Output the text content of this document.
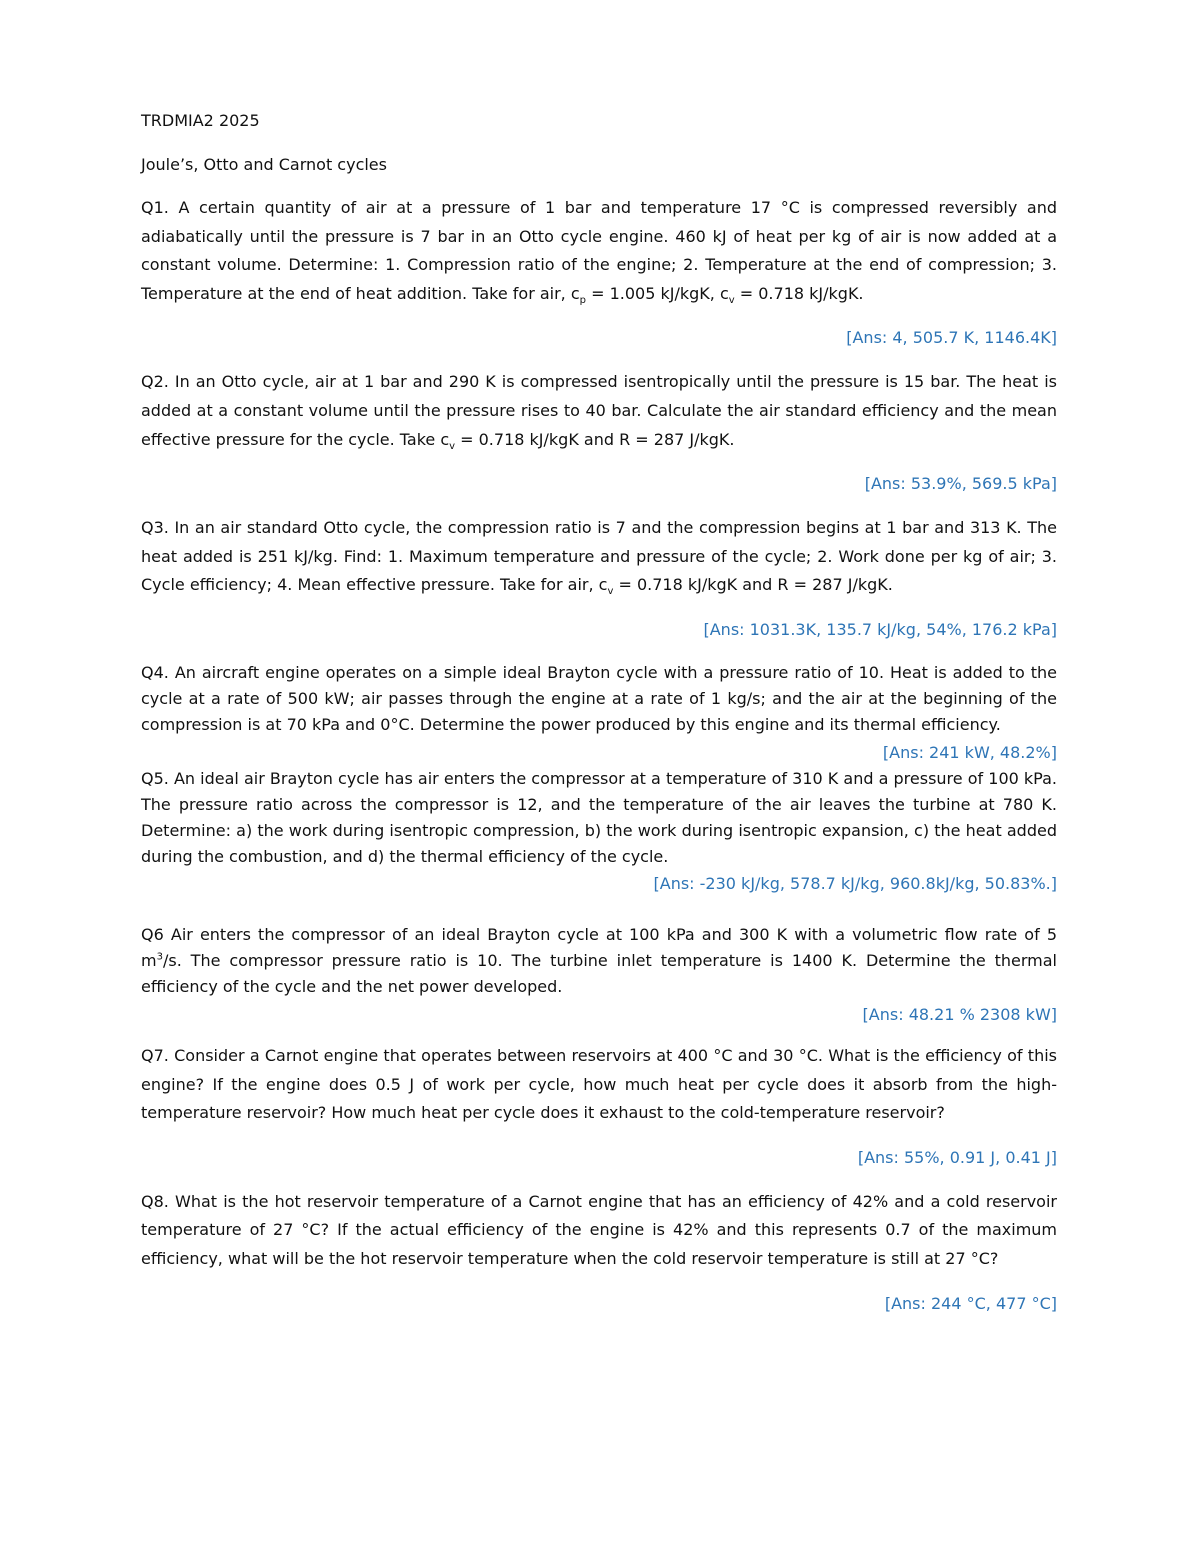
TRDMIA2 2025

Joule’s, Otto and Carnot cycles

Q1. A certain quantity of air at a pressure of 1 bar and temperature 17 °C is compressed reversibly and adiabatically until the pressure is 7 bar in an Otto cycle engine. 460 kJ of heat per kg of air is now added at a constant volume. Determine: 1. Compression ratio of the engine; 2. Temperature at the end of compression; 3. Temperature at the end of heat addition. Take for air, $c_p = 1.005$ kJ/kgK, $c_v = 0.718$ kJ/kgK.

[Ans: 4, 505.7 K, 1146.4K]

Q2. In an Otto cycle, air at 1 bar and 290 K is compressed isentropically until the pressure is 15 bar. The heat is added at a constant volume until the pressure rises to 40 bar. Calculate the air standard efficiency and the mean effective pressure for the cycle. Take $c_v = 0.718$ kJ/kgK and R = 287 J/kgK.

[Ans: 53.9%, 569.5 kPa]

Q3. In an air standard Otto cycle, the compression ratio is 7 and the compression begins at 1 bar and 313 K. The heat added is 251 kJ/kg. Find: 1. Maximum temperature and pressure of the cycle; 2. Work done per kg of air; 3. Cycle efficiency; 4. Mean effective pressure. Take for air, $c_v = 0.718$ kJ/kgK and R = 287 J/kgK.

[Ans: 1031.3K, 135.7 kJ/kg, 54%, 176.2 kPa]

Q4. An aircraft engine operates on a simple ideal Brayton cycle with a pressure ratio of 10. Heat is added to the cycle at a rate of 500 kW; air passes through the engine at a rate of 1 kg/s; and the air at the beginning of the compression is at 70 kPa and 0°C. Determine the power produced by this engine and its thermal efficiency.

[Ans: 241 kW, 48.2%]

Q5. An ideal air Brayton cycle has air enters the compressor at a temperature of 310 K and a pressure of 100 kPa. The pressure ratio across the compressor is 12, and the temperature of the air leaves the turbine at 780 K. Determine: a) the work during isentropic compression, b) the work during isentropic expansion, c) the heat added during the combustion, and d) the thermal efficiency of the cycle.

[Ans: -230 kJ/kg, 578.7 kJ/kg, 960.8kJ/kg, 50.83%.]

Q6 Air enters the compressor of an ideal Brayton cycle at 100 kPa and 300 K with a volumetric flow rate of 5 $m^3/s$. The compressor pressure ratio is 10. The turbine inlet temperature is 1400 K. Determine the thermal efficiency of the cycle and the net power developed.

[Ans: 48.21 % 2308 kW]

Q7. Consider a Carnot engine that operates between reservoirs at 400 °C and 30 °C. What is the efficiency of this engine? If the engine does 0.5 J of work per cycle, how much heat per cycle does it absorb from the high-temperature reservoir? How much heat per cycle does it exhaust to the cold-temperature reservoir?

[Ans: 55%, 0.91 J, 0.41 J]

Q8. What is the hot reservoir temperature of a Carnot engine that has an efficiency of 42% and a cold reservoir temperature of 27 °C? If the actual efficiency of the engine is 42% and this represents 0.7 of the maximum efficiency, what will be the hot reservoir temperature when the cold reservoir temperature is still at 27 °C?

[Ans: 244 °C, 477 °C]
